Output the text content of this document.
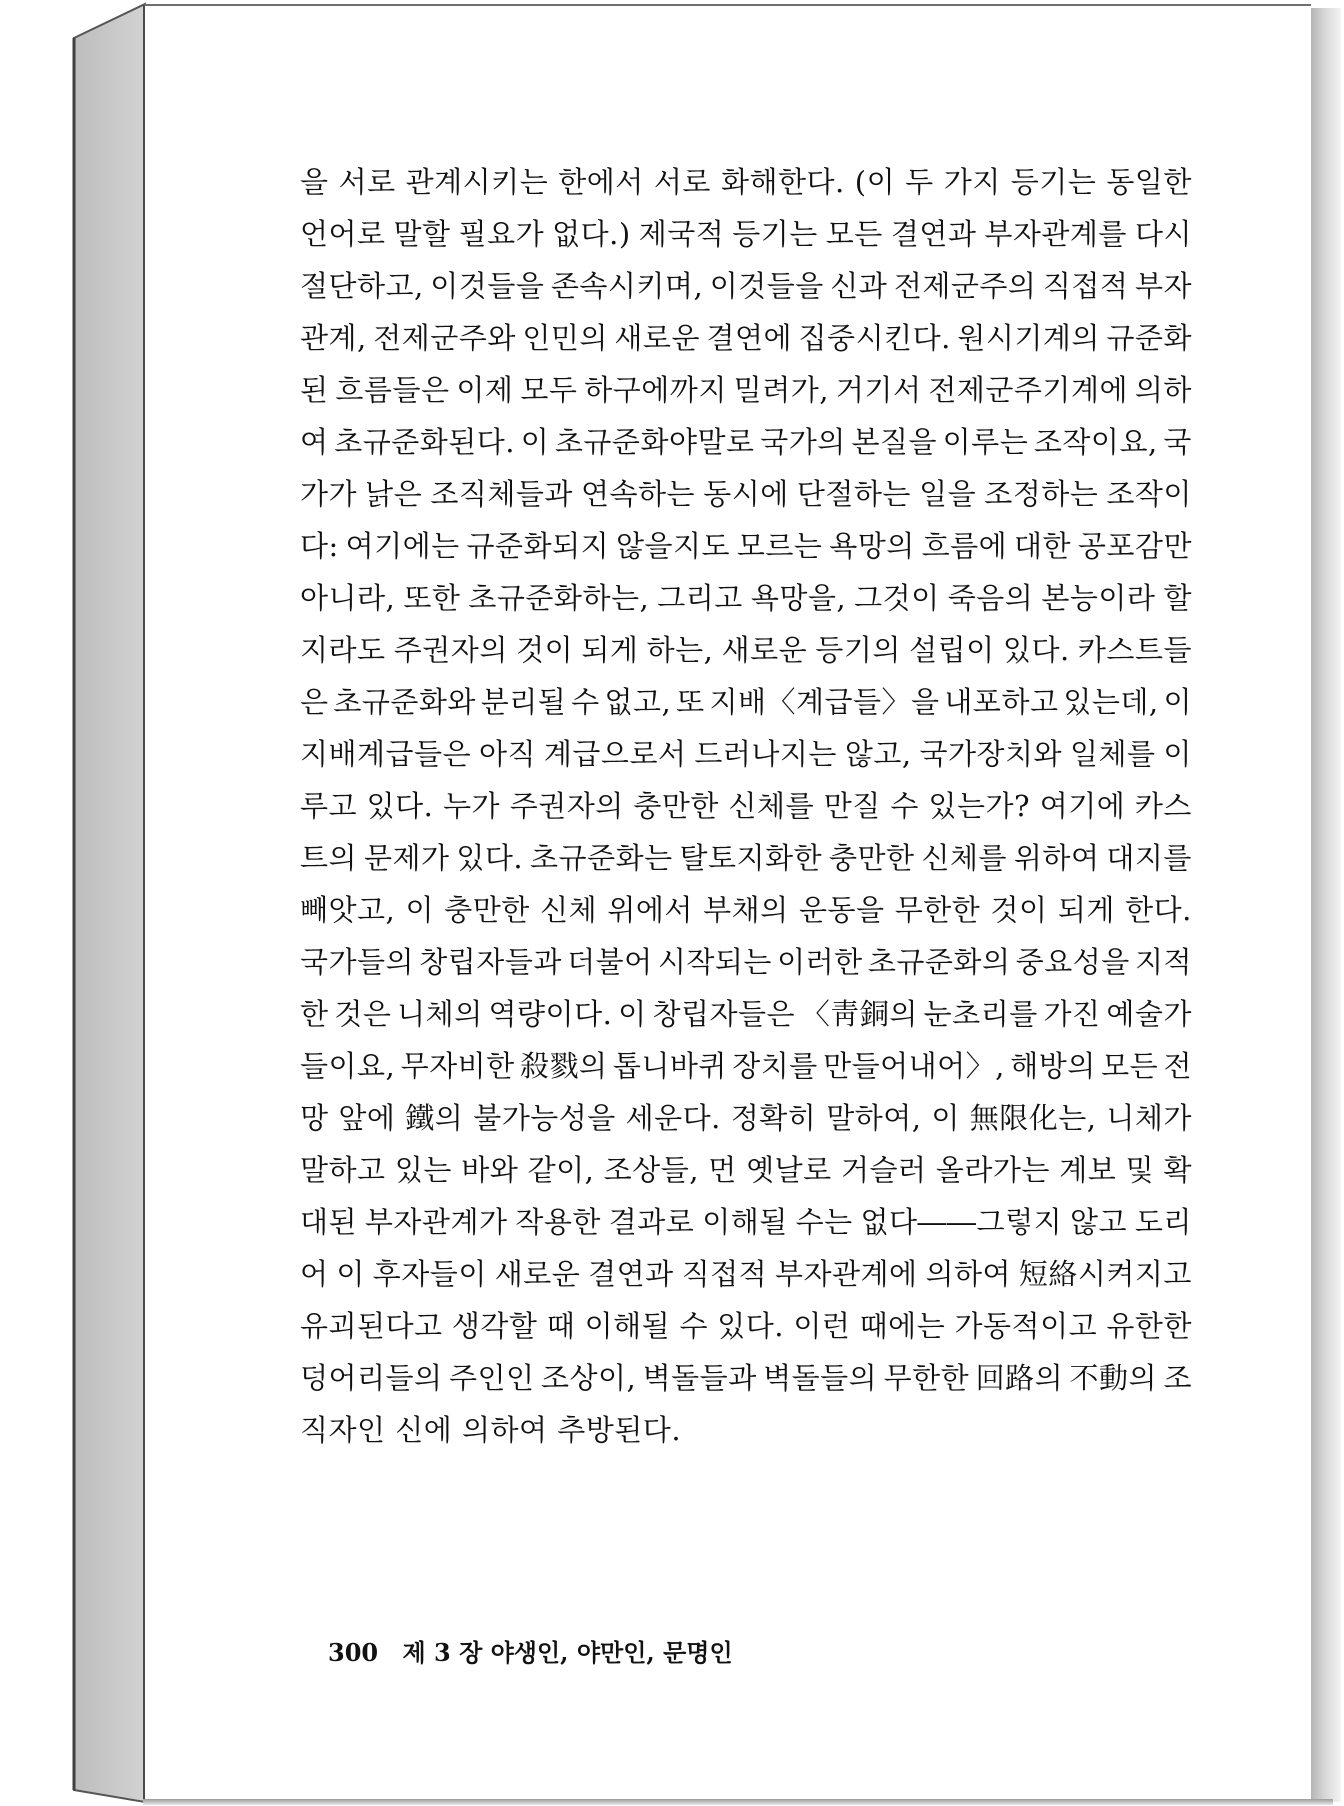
을 서로 관계시키는 한에서 서로 화해한다. (이 두 가지 등기는 동일한
언어로 말할 필요가 없다.) 제국적 등기는 모든 결연과 부자관계를 다시
절단하고, 이것들을 존속시키며, 이것들을 신과 전제군주의 직접적 부자
관계, 전제군주와 인민의 새로운 결연에 집중시킨다. 원시기계의 규준화
된 흐름들은 이제 모두 하구에까지 밀려가, 거기서 전제군주기계에 의하
여 초규준화된다. 이 초규준화야말로 국가의 본질을 이루는 조작이요, 국
가가 낡은 조직체들과 연속하는 동시에 단절하는 일을 조정하는 조작이
다: 여기에는 규준화되지 않을지도 모르는 욕망의 흐름에 대한 공포감만
아니라, 또한 초규준화하는, 그리고 욕망을, 그것이 죽음의 본능이라 할
지라도 주권자의 것이 되게 하는, 새로운 등기의 설립이 있다. 카스트들
은 초규준화와 분리될 수 없고, 또 지배〈계급들〉을 내포하고 있는데, 이
지배계급들은 아직 계급으로서 드러나지는 않고, 국가장치와 일체를 이
루고 있다. 누가 주권자의 충만한 신체를 만질 수 있는가? 여기에 카스
트의 문제가 있다. 초규준화는 탈토지화한 충만한 신체를 위하여 대지를
빼앗고, 이 충만한 신체 위에서 부채의 운동을 무한한 것이 되게 한다.
국가들의 창립자들과 더불어 시작되는 이러한 초규준화의 중요성을 지적
한 것은 니체의 역량이다. 이 창립자들은 〈靑銅의 눈초리를 가진 예술가
들이요, 무자비한 殺戮의 톱니바퀴 장치를 만들어내어〉, 해방의 모든 전
망 앞에 鐵의 불가능성을 세운다. 정확히 말하여, 이 無限化는, 니체가
말하고 있는 바와 같이, 조상들, 먼 옛날로 거슬러 올라가는 계보 및 확
대된 부자관계가 작용한 결과로 이해될 수는 없다――그렇지 않고 도리
어 이 후자들이 새로운 결연과 직접적 부자관계에 의하여 短絡시켜지고
유괴된다고 생각할 때 이해될 수 있다. 이런 때에는 가동적이고 유한한
덩어리들의 주인인 조상이, 벽돌들과 벽돌들의 무한한 回路의 不動의 조
직자인 신에 의하여 추방된다.
300 제 3 장 야생인, 야만인, 문명인
